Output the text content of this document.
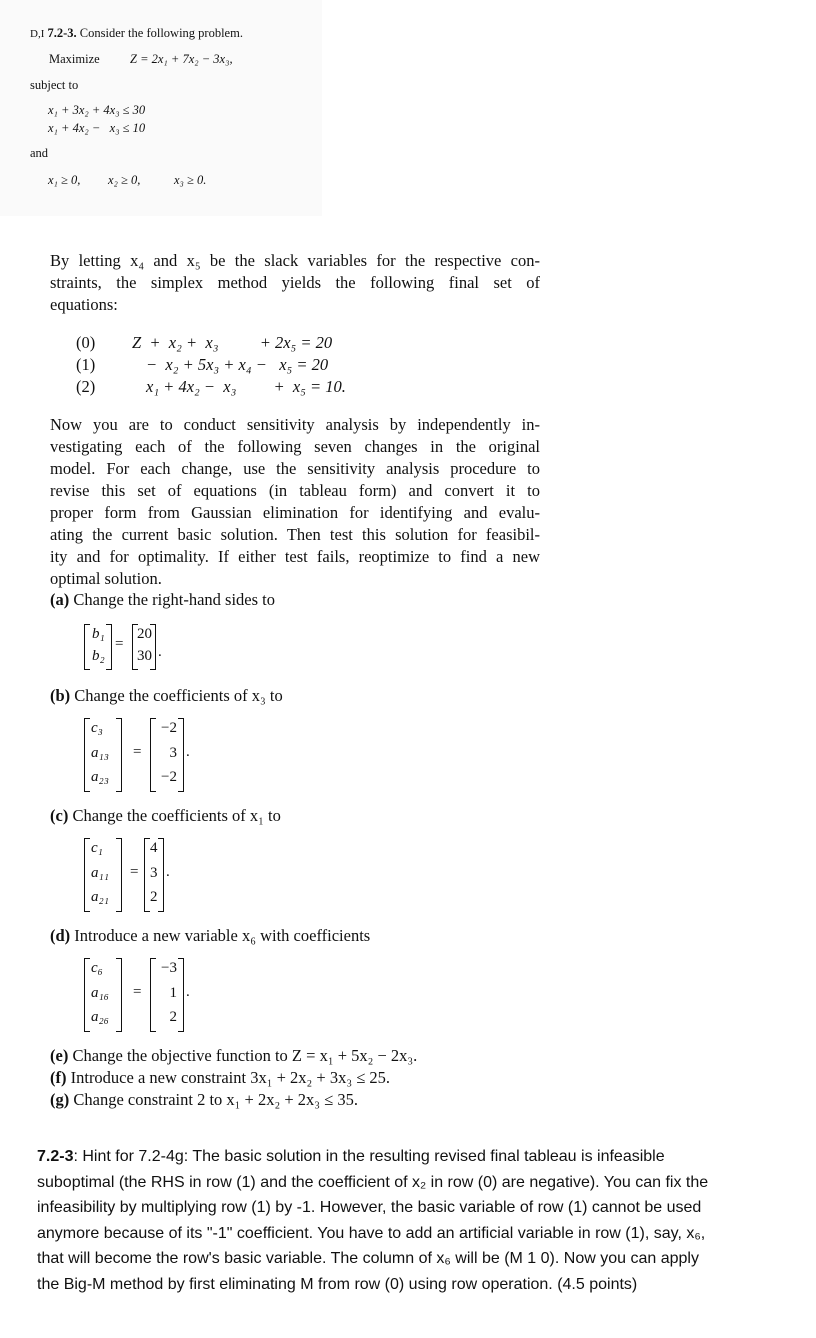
D,I 7.2-3. Consider the following problem.
Maximize Z = 2x₁ + 7x₂ − 3x₃,
subject to
x₁ + 3x₂ + 4x₃ ≤ 30
x₁ + 4x₂ −   x₃ ≤ 10
and
x₁ ≥ 0, x₂ ≥ 0,	x₃ ≥ 0.
By letting x₄ and x₅ be the slack variables for the respective con-
straints, the simplex method yields the following final set of
equations:
(0) Z  +  x₂ +  x₃          + 2x₅ = 20
(1)	−  x₂ + 5x₃ + x₄ −   x₅ = 20
(2)	x₁ + 4x₂ −  x₃         +  x₅ = 10.
Now you are to conduct sensitivity analysis by independently in-
vestigating each of the following seven changes in the original
model. For each change, use the sensitivity analysis procedure to
revise this set of equations (in tableau form) and convert it to
proper form from Gaussian elimination for identifying and evalu-
ating the current basic solution. Then test this solution for feasibil-
ity and for optimality. If either test fails, reoptimize to find a new
optimal solution.
(a) Change the right-hand sides to
b₁
b₂
=
20
30 .
(b) Change the coefficients of x₃ to
c₃
a₁₃
a₂₃
=
−2
3
−2
.
(c) Change the coefficients of x₁ to
c₁
a₁₁
a₂₁
=
4
3
2
.
(d) Introduce a new variable x₆ with coefficients
c₆
a₁₆
a₂₆
=
−3
1
2
.
(e) Change the objective function to Z = x₁ + 5x₂ − 2x₃.
(f) Introduce a new constraint 3x₁ + 2x₂ + 3x₃ ≤ 25.
(g) Change constraint 2 to x₁ + 2x₂ + 2x₃ ≤ 35.
7.2-3: Hint for 7.2-4g: The basic solution in the resulting revised final tableau is infeasible
suboptimal (the RHS in row (1) and the coefficient of x₂ in row (0) are negative). You can fix the
infeasibility by multiplying row (1) by -1. However, the basic variable of row (1) cannot be used
anymore because of its "-1" coefficient. You have to add an artificial variable in row (1), say, x₆,
that will become the row's basic variable. The column of x₆ will be (M 1 0). Now you can apply
the Big-M method by first eliminating M from row (0) using row operation. (4.5 points)
